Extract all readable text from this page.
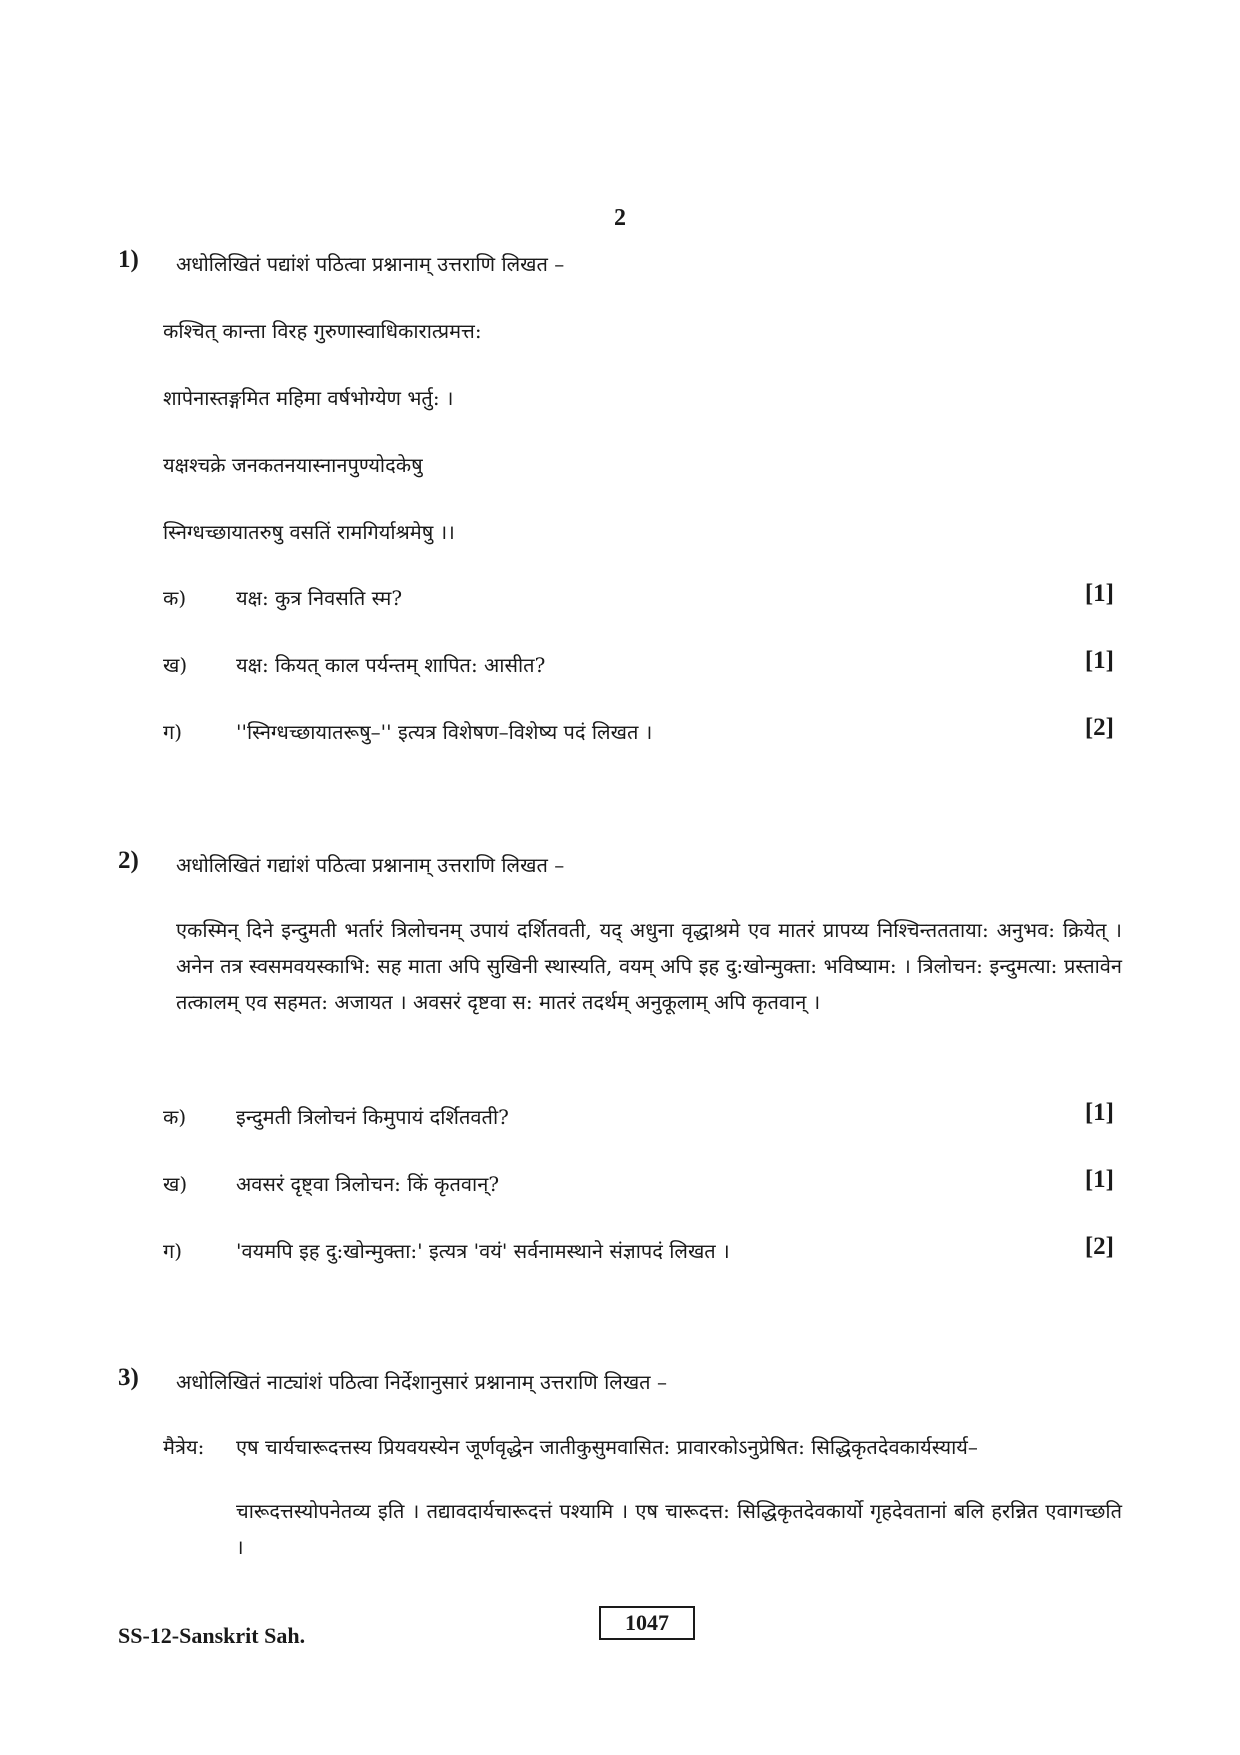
2
1) अधोलिखितं पद्यांशं पठित्वा प्रश्नानाम् उत्तराणि लिखत –
कश्चित् कान्ता विरह गुरुणास्वाधिकारात्प्रमत्त:
शापेनास्तङ्गमित महिमा वर्षभोग्येण भर्तु: ।
यक्षश्चक्रे जनकतनयास्नानपुण्योदकेषु
स्निग्धच्छायातरुषु वसतिं रामगिर्याश्रमेषु ।।
क) यक्ष: कुत्र निवसति स्म?	[1]
ख) यक्ष: कियत् काल पर्यन्तम् शापित: आसीत?	[1]
ग)	''स्निग्धच्छायातरूषु–'' इत्यत्र विशेषण–विशेष्य पदं लिखत ।	[2]
2) अधोलिखितं गद्यांशं पठित्वा प्रश्नानाम् उत्तराणि लिखत –
एकस्मिन् दिने इन्दुमती भर्तारं त्रिलोचनम् उपायं दर्शितवती, यद् अधुना वृद्धाश्रमे एव मातरं प्रापय्य निश्चिन्ततताया: अनुभव: क्रियेत् । अनेन तत्र स्वसमवयस्काभि: सह माता अपि सुखिनी स्थास्यति, वयम् अपि इह दु:खोन्मुक्ता: भविष्याम: । त्रिलोचन: इन्दुमत्या: प्रस्तावेन तत्कालम् एव सहमत: अजायत । अवसरं दृष्टवा स: मातरं तदर्थम् अनुकूलाम् अपि कृतवान् ।
क) इन्दुमती त्रिलोचनं किमुपायं दर्शितवती?	[1]
ख) अवसरं दृष्ट्वा त्रिलोचन: किं कृतवान्?	[1]
ग)	'वयमपि इह दु:खोन्मुक्ता:' इत्यत्र 'वयं' सर्वनामस्थाने संज्ञापदं लिखत ।	[2]
3) अधोलिखितं नाट्यांशं पठित्वा निर्देशानुसारं प्रश्नानाम् उत्तराणि लिखत –
मैत्रेय: एष चार्यचारूदत्तस्य प्रियवयस्येन जूर्णवृद्धेन जातीकुसुमवासित: प्रावारकोऽनुप्रेषित: सिद्धिकृतदेवकार्यस्यार्य–
चारूदत्तस्योपनेतव्य इति । तद्यावदार्यचारूदत्तं पश्यामि । एष चारूदत्त: सिद्धिकृतदेवकार्यो गृहदेवतानां बलि हरन्नित एवागच्छति ।
SS-12-Sanskrit Sah.
1047
